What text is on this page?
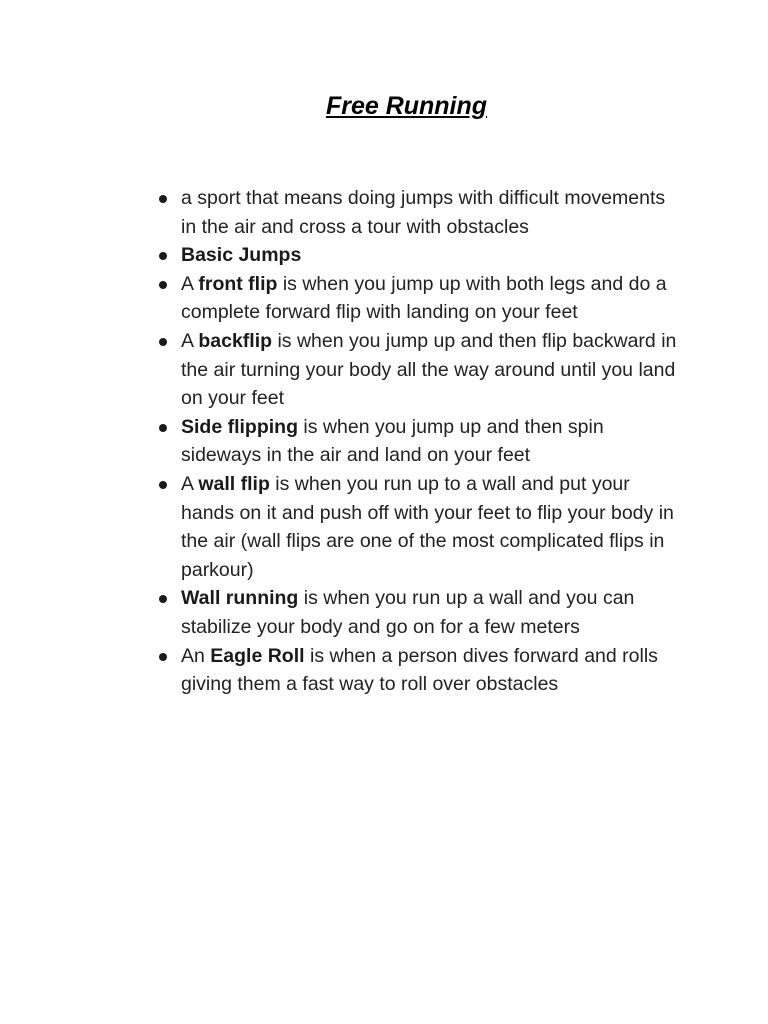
Free Running
a sport that means doing jumps with difficult movements in the air and cross a tour with obstacles
Basic Jumps
A front flip is when you jump up with both legs and do a complete forward flip with landing on your feet
A backflip is when you jump up and then flip backward in the air turning your body all the way around until you land on your feet
Side flipping is when you jump up and then spin sideways in the air and land on your feet
A wall flip is when you run up to a wall and put your hands on it and push off with your feet to flip your body in the air (wall flips are one of the most complicated flips in parkour)
Wall running is when you run up a wall and you can stabilize your body and go on for a few meters
An Eagle Roll is when a person dives forward and rolls giving them a fast way to roll over obstacles
